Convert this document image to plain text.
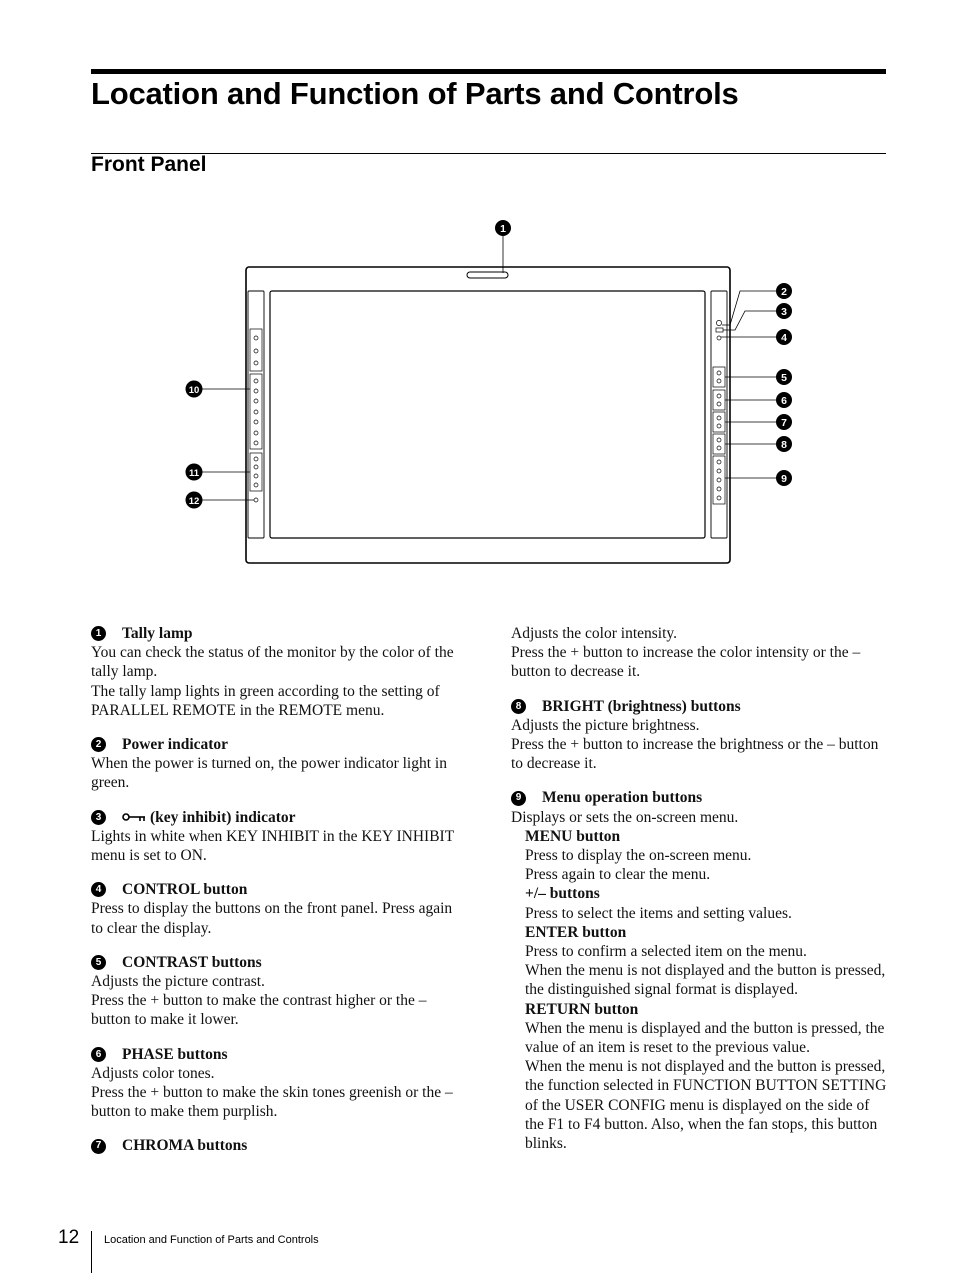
Location and Function of Parts and Controls
Front Panel
1
2
3
4
5
6
7
8
9
10
11
12
1	Tally lamp
You can check the status of the monitor by the color of the tally lamp.
The tally lamp lights in green according to the setting of PARALLEL REMOTE in the REMOTE menu.
2	Power indicator
When the power is turned on, the power indicator light in green.
3	(key inhibit) indicator
Lights in white when KEY INHIBIT in the KEY INHIBIT menu is set to ON.
4	CONTROL button
Press to display the buttons on the front panel. Press again to clear the display.
5	CONTRAST buttons
Adjusts the picture contrast.
Press the + button to make the contrast higher or the – button to make it lower.
6	PHASE buttons
Adjusts color tones.
Press the + button to make the skin tones greenish or the – button to make them purplish.
7	CHROMA buttons
Adjusts the color intensity.
Press the + button to increase the color intensity or the – button to decrease it.
8	BRIGHT (brightness) buttons
Adjusts the picture brightness.
Press the + button to increase the brightness or the – button to decrease it.
9	Menu operation buttons
Displays or sets the on-screen menu.
MENU button
Press to display the on-screen menu.
Press again to clear the menu.
+/– buttons
Press to select the items and setting values.
ENTER button
Press to confirm a selected item on the menu.
When the menu is not displayed and the button is pressed, the distinguished signal format is displayed.
RETURN button
When the menu is displayed and the button is pressed, the value of an item is reset to the previous value.
When the menu is not displayed and the button is pressed, the function selected in FUNCTION BUTTON SETTING of the USER CONFIG menu is displayed on the side of the F1 to F4 button. Also, when the fan stops, this button blinks.
12 Location and Function of Parts and Controls
